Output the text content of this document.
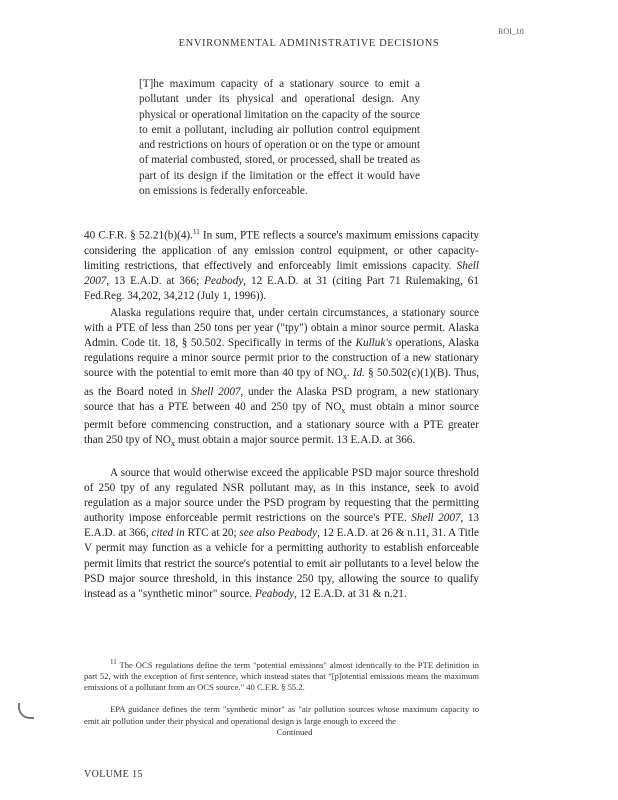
ROI_10
ENVIRONMENTAL ADMINISTRATIVE DECISIONS
[T]he maximum capacity of a stationary source to emit a pollutant under its physical and operational design. Any physical or operational limitation on the capacity of the source to emit a pollutant, including air pollution control equipment and restrictions on hours of operation or on the type or amount of material combusted, stored, or processed, shall be treated as part of its design if the limitation or the effect it would have on emissions is federally enforceable.

40 C.F.R. § 52.21(b)(4).$^{11}$ In sum, PTE reflects a source's maximum emissions capacity considering the application of any emission control equipment, or other capacity-limiting restrictions, that effectively and enforceably limit emissions capacity. Shell 2007, 13 E.A.D. at 366; Peabody, 12 E.A.D. at 31 (citing Part 71 Rulemaking, 61 Fed.Reg. 34,202, 34,212 (July 1, 1996)).

Alaska regulations require that, under certain circumstances, a stationary source with a PTE of less than 250 tons per year ("tpy") obtain a minor source permit. Alaska Admin. Code tit. 18, § 50.502. Specifically in terms of the Kulluk's operations, Alaska regulations require a minor source permit prior to the construction of a new stationary source with the potential to emit more than 40 tpy of $NO_x$. Id. § 50.502(c)(1)(B). Thus, as the Board noted in Shell 2007, under the Alaska PSD program, a new stationary source that has a PTE between 40 and 250 tpy of $NO_x$ must obtain a minor source permit before commencing construction, and a stationary source with a PTE greater than 250 tpy of $NO_x$ must obtain a major source permit. 13 E.A.D. at 366.

A source that would otherwise exceed the applicable PSD major source threshold of 250 tpy of any regulated NSR pollutant may, as in this instance, seek to avoid regulation as a major source under the PSD program by requesting that the permitting authority impose enforceable permit restrictions on the source's PTE. Shell 2007, 13 E.A.D. at 366, cited in RTC at 20; see also Peabody, 12 E.A.D. at 26 & n.11, 31. A Title V permit may function as a vehicle for a permitting authority to establish enforceable permit limits that restrict the source's potential to emit air pollutants to a level below the PSD major source threshold, in this instance 250 tpy, allowing the source to qualify instead as a "synthetic minor" source. Peabody, 12 E.A.D. at 31 & n.21.

$^{11}$ The OCS regulations define the term "potential emissions" almost identically to the PTE definition in part 52, with the exception of first sentence, which instead states that "[p]otential emissions means the maximum emissions of a pollutant from an OCS source." 40 C.F.R. § 55.2.
EPA guidance defines the term "synthetic minor" as "air pollution sources whose maximum capacity to emit air pollution under their physical and operational design is large enough to exceed the
Continued
VOLUME 15
